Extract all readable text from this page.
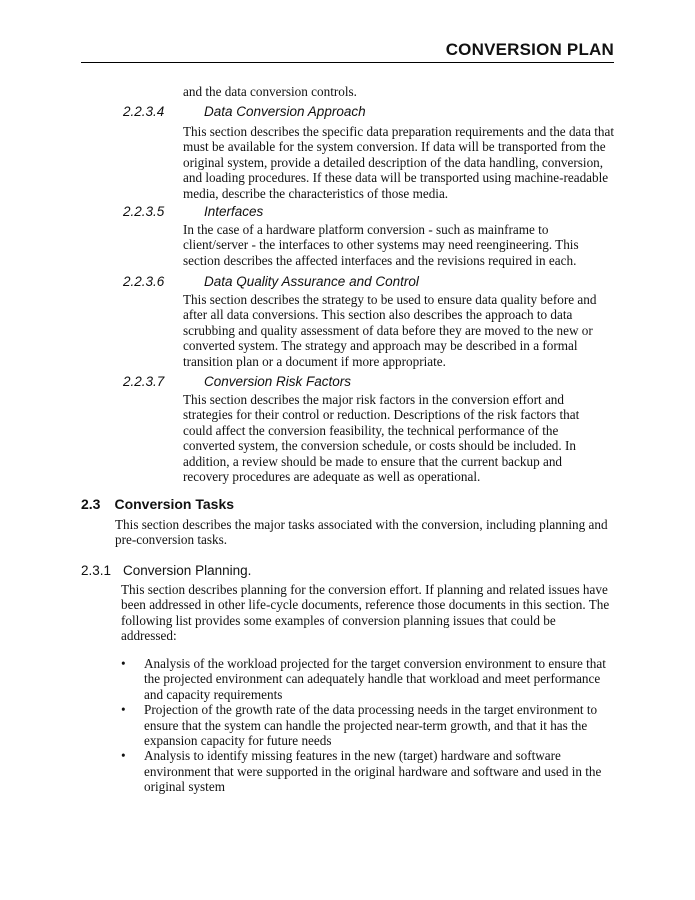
CONVERSION PLAN

and the data conversion controls.

2.2.3.4	Data Conversion Approach

This section describes the specific data preparation requirements and the data that must be available for the system conversion. If data will be transported from the original system, provide a detailed description of the data handling, conversion, and loading procedures. If these data will be transported using machine-readable media, describe the characteristics of those media.

2.2.3.5	Interfaces

In the case of a hardware platform conversion - such as mainframe to client/server - the interfaces to other systems may need reengineering. This section describes the affected interfaces and the revisions required in each.

2.2.3.6	Data Quality Assurance and Control

This section describes the strategy to be used to ensure data quality before and after all data conversions. This section also describes the approach to data scrubbing and quality assessment of data before they are moved to the new or converted system. The strategy and approach may be described in a formal transition plan or a document if more appropriate.

2.2.3.7	Conversion Risk Factors

This section describes the major risk factors in the conversion effort and strategies for their control or reduction. Descriptions of the risk factors that could affect the conversion feasibility, the technical performance of the converted system, the conversion schedule, or costs should be included. In addition, a review should be made to ensure that the current backup and recovery procedures are adequate as well as operational.

2.3 Conversion Tasks

This section describes the major tasks associated with the conversion, including planning and pre-conversion tasks.

2.3.1 Conversion Planning.

This section describes planning for the conversion effort. If planning and related issues have been addressed in other life-cycle documents, reference those documents in this section. The following list provides some examples of conversion planning issues that could be addressed:

• Analysis of the workload projected for the target conversion environment to ensure that the projected environment can adequately handle that workload and meet performance and capacity requirements
• Projection of the growth rate of the data processing needs in the target environment to ensure that the system can handle the projected near-term growth, and that it has the expansion capacity for future needs
• Analysis to identify missing features in the new (target) hardware and software environment that were supported in the original hardware and software and used in the original system
